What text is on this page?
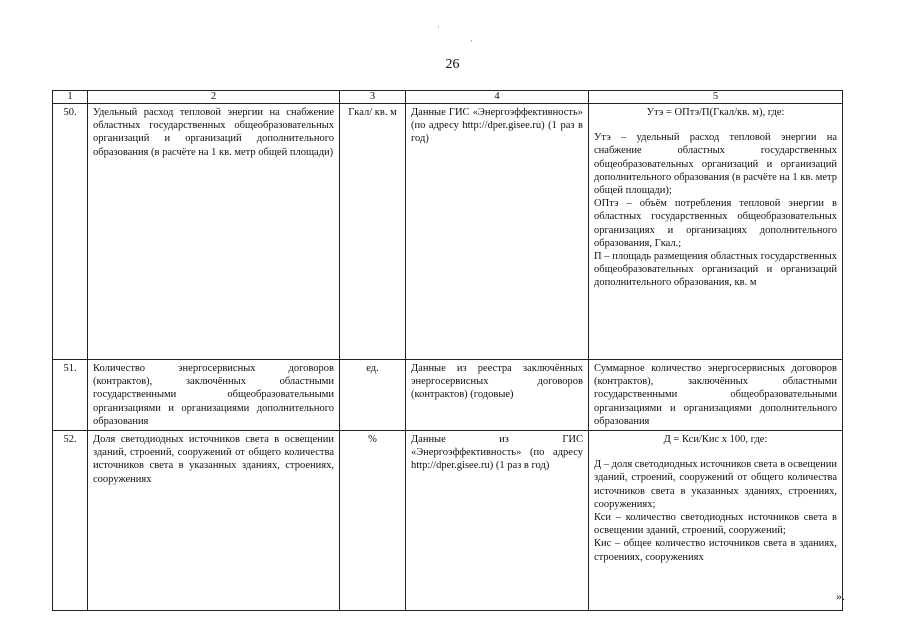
26
1	2	3	4	5
50.	Удельный расход тепловой энергии на снабжение областных государственных общеобразовательных организаций и организаций дополнительного образования (в расчёте на 1 кв. метр общей площади)	Гкал/ кв. м	Данные ГИС «Энергоэффективность» (по адресу http://dper.gisee.ru) (1 раз в год)	Утэ = ОПтэ/П(Гкал/кв. м), где:
Утэ – удельный расход тепловой энергии на снабжение областных государственных общеобразовательных организаций и организаций дополнительного образования (в расчёте на 1 кв. метр общей площади);
ОПтэ – объём потребления тепловой энергии в областных государственных общеобразовательных организациях и организациях дополнительного образования, Гкал.;
П – площадь размещения областных государственных общеобразовательных организаций и организаций дополнительного образования, кв. м

51.	Количество энергосервисных договоров (контрактов), заключённых областными государственными общеобразовательными организациями и организациями дополнительного образования	ед.	Данные из реестра заключённых энергосервисных договоров (контрактов) (годовые)	Суммарное количество энергосервисных договоров (контрактов), заключённых областными государственными общеобразовательными организациями и организациями дополнительного образования

52.	Доля светодиодных источников света в освещении зданий, строений, сооружений от общего количества источников света в указанных зданиях, строениях, сооружениях	%	Данные из ГИС «Энергоэффективность» (по адресу http://dper.gisee.ru) (1 раз в год)	Д = Кси/Кис х 100, где:
Д – доля светодиодных источников света в освещении зданий, строений, сооружений от общего количества источников света в указанных зданиях, строениях, сооружениях;
Кси – количество светодиодных источников света в освещении зданий, строений, сооружений;
Кис – общее количество источников света в зданиях, строениях, сооружениях
».
·
·
